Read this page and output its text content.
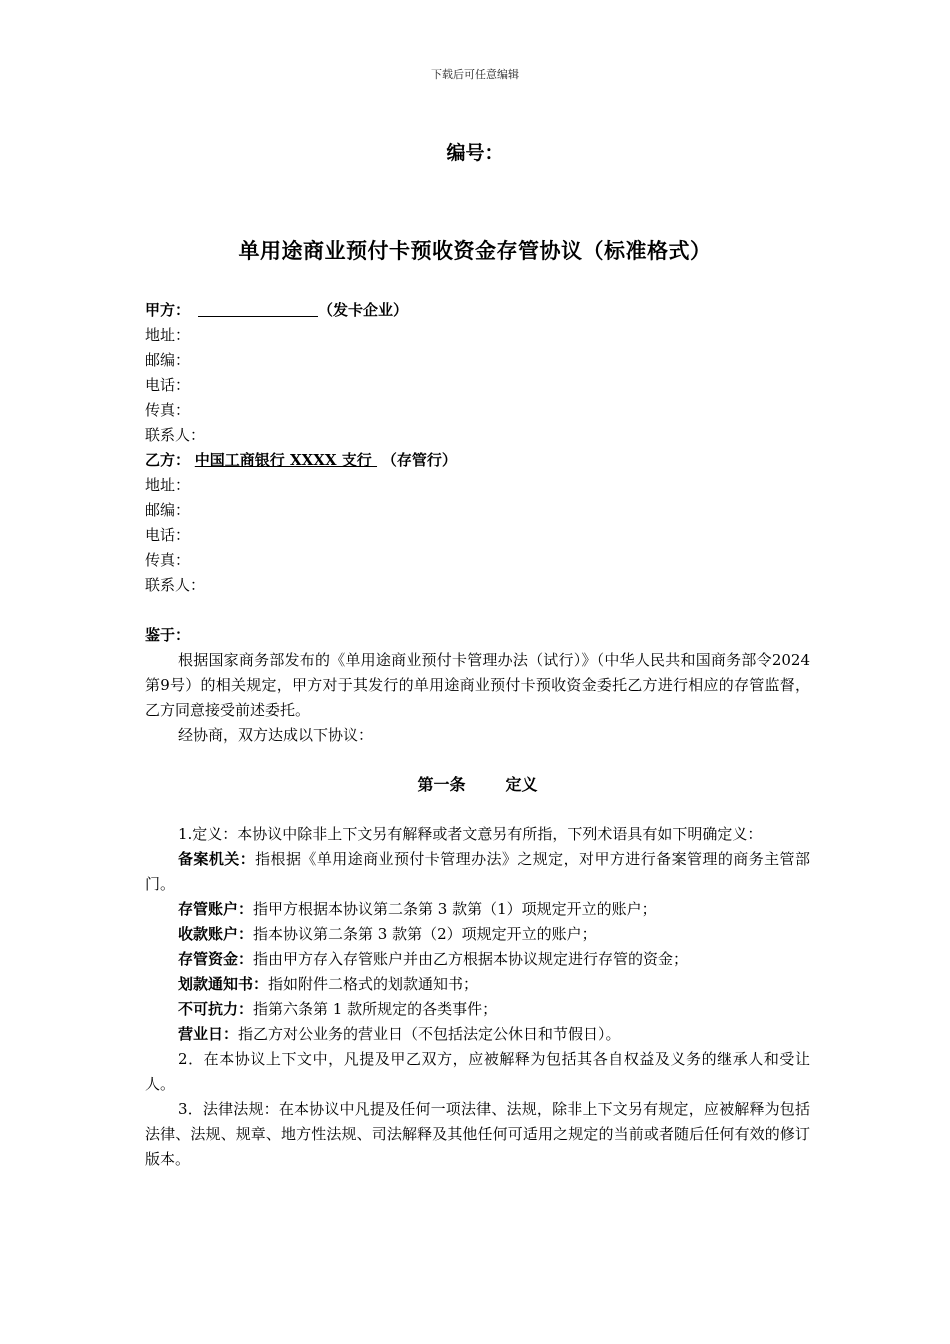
下载后可任意编辑
编号：
单用途商业预付卡预收资金存管协议（标准格式）
甲方：	（发卡企业）
地址：
邮编：
电话：
传真：
联系人：
乙方： 中国工商银行 XXXX 支行  （存管行）
地址：
邮编：
电话：
传真：
联系人：

鉴于：

根据国家商务部发布的《单用途商业预付卡管理办法（试行）》（中华人民共和国商务部令2024第9号）的相关规定，甲方对于其发行的单用途商业预付卡预收资金委托乙方进行相应的存管监督，乙方同意接受前述委托。

经协商，双方达成以下协议：

第一条	定义

1.定义：本协议中除非上下文另有解释或者文意另有所指，下列术语具有如下明确定义：

备案机关：指根据《单用途商业预付卡管理办法》之规定，对甲方进行备案管理的商务主管部门。

存管账户：指甲方根据本协议第二条第 3 款第（1）项规定开立的账户；

收款账户：指本协议第二条第 3 款第（2）项规定开立的账户；

存管资金：指由甲方存入存管账户并由乙方根据本协议规定进行存管的资金；

划款通知书：指如附件二格式的划款通知书；

不可抗力：指第六条第 1 款所规定的各类事件；

营业日：指乙方对公业务的营业日（不包括法定公休日和节假日）。

2．在本协议上下文中，凡提及甲乙双方，应被解释为包括其各自权益及义务的继承人和受让人。

3．法律法规：在本协议中凡提及任何一项法律、法规，除非上下文另有规定，应被解释为包括法律、法规、规章、地方性法规、司法解释及其他任何可适用之规定的当前或者随后任何有效的修订版本。
